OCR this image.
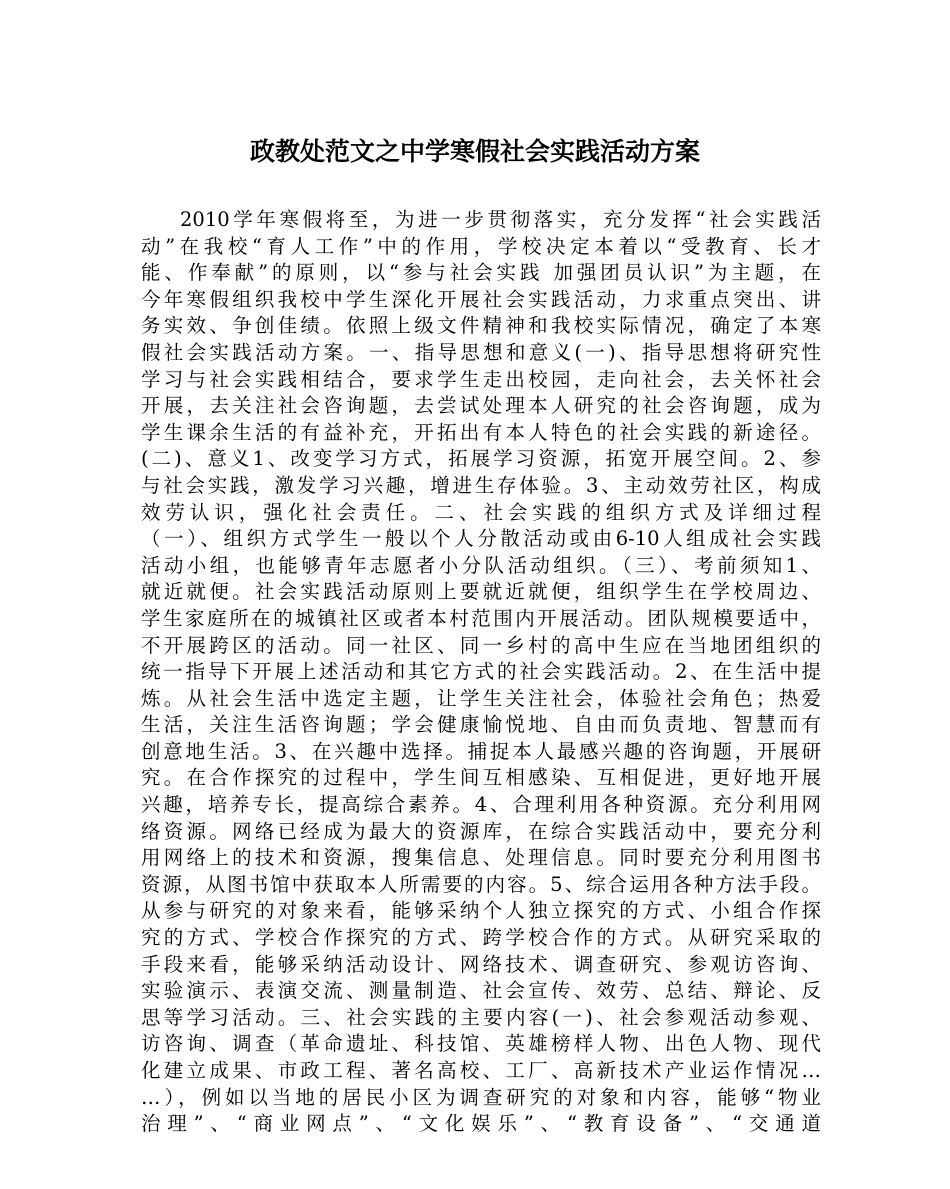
政教处范文之中学寒假社会实践活动方案
2010学年寒假将至，为进一步贯彻落实，充分发挥“社会实践活
动”在我校“育人工作”中的作用，学校决定本着以“受教育、长才
能、作奉献”的原则，以“参与社会实践 加强团员认识”为主题，在
今年寒假组织我校中学生深化开展社会实践活动，力求重点突出、讲
务实效、争创佳绩。依照上级文件精神和我校实际情况，确定了本寒
假社会实践活动方案。一、指导思想和意义(一)、指导思想将研究性
学习与社会实践相结合，要求学生走出校园，走向社会，去关怀社会
开展，去关注社会咨询题，去尝试处理本人研究的社会咨询题，成为
学生课余生活的有益补充，开拓出有本人特色的社会实践的新途径。
(二)、意义1、改变学习方式，拓展学习资源，拓宽开展空间。2、参
与社会实践，激发学习兴趣，增进生存体验。3、主动效劳社区，构成
效劳认识，强化社会责任。二、社会实践的组织方式及详细过程
（一）、组织方式学生一般以个人分散活动或由6-10人组成社会实践
活动小组，也能够青年志愿者小分队活动组织。（三）、考前须知1、
就近就便。社会实践活动原则上要就近就便，组织学生在学校周边、
学生家庭所在的城镇社区或者本村范围内开展活动。团队规模要适中，
不开展跨区的活动。同一社区、同一乡村的高中生应在当地团组织的
统一指导下开展上述活动和其它方式的社会实践活动。2、在生活中提
炼。从社会生活中选定主题，让学生关注社会，体验社会角色；热爱
生活，关注生活咨询题；学会健康愉悦地、自由而负责地、智慧而有
创意地生活。3、在兴趣中选择。捕捉本人最感兴趣的咨询题，开展研
究。在合作探究的过程中，学生间互相感染、互相促进，更好地开展
兴趣，培养专长，提高综合素养。4、合理利用各种资源。充分利用网
络资源。网络已经成为最大的资源库，在综合实践活动中，要充分利
用网络上的技术和资源，搜集信息、处理信息。同时要充分利用图书
资源，从图书馆中获取本人所需要的内容。5、综合运用各种方法手段。
从参与研究的对象来看，能够采纳个人独立探究的方式、小组合作探
究的方式、学校合作探究的方式、跨学校合作的方式。从研究采取的
手段来看，能够采纳活动设计、网络技术、调查研究、参观访咨询、
实验演示、表演交流、测量制造、社会宣传、效劳、总结、辩论、反
思等学习活动。三、社会实践的主要内容(一)、社会参观活动参观、
访咨询、调查（革命遗址、科技馆、英雄榜样人物、出色人物、现代
化建立成果、市政工程、著名高校、工厂、高新技术产业运作情况…
…），例如以当地的居民小区为调查研究的对象和内容，能够“物业
治理”、“商业网点”、“文化娱乐”、“教育设备”、“交通道
